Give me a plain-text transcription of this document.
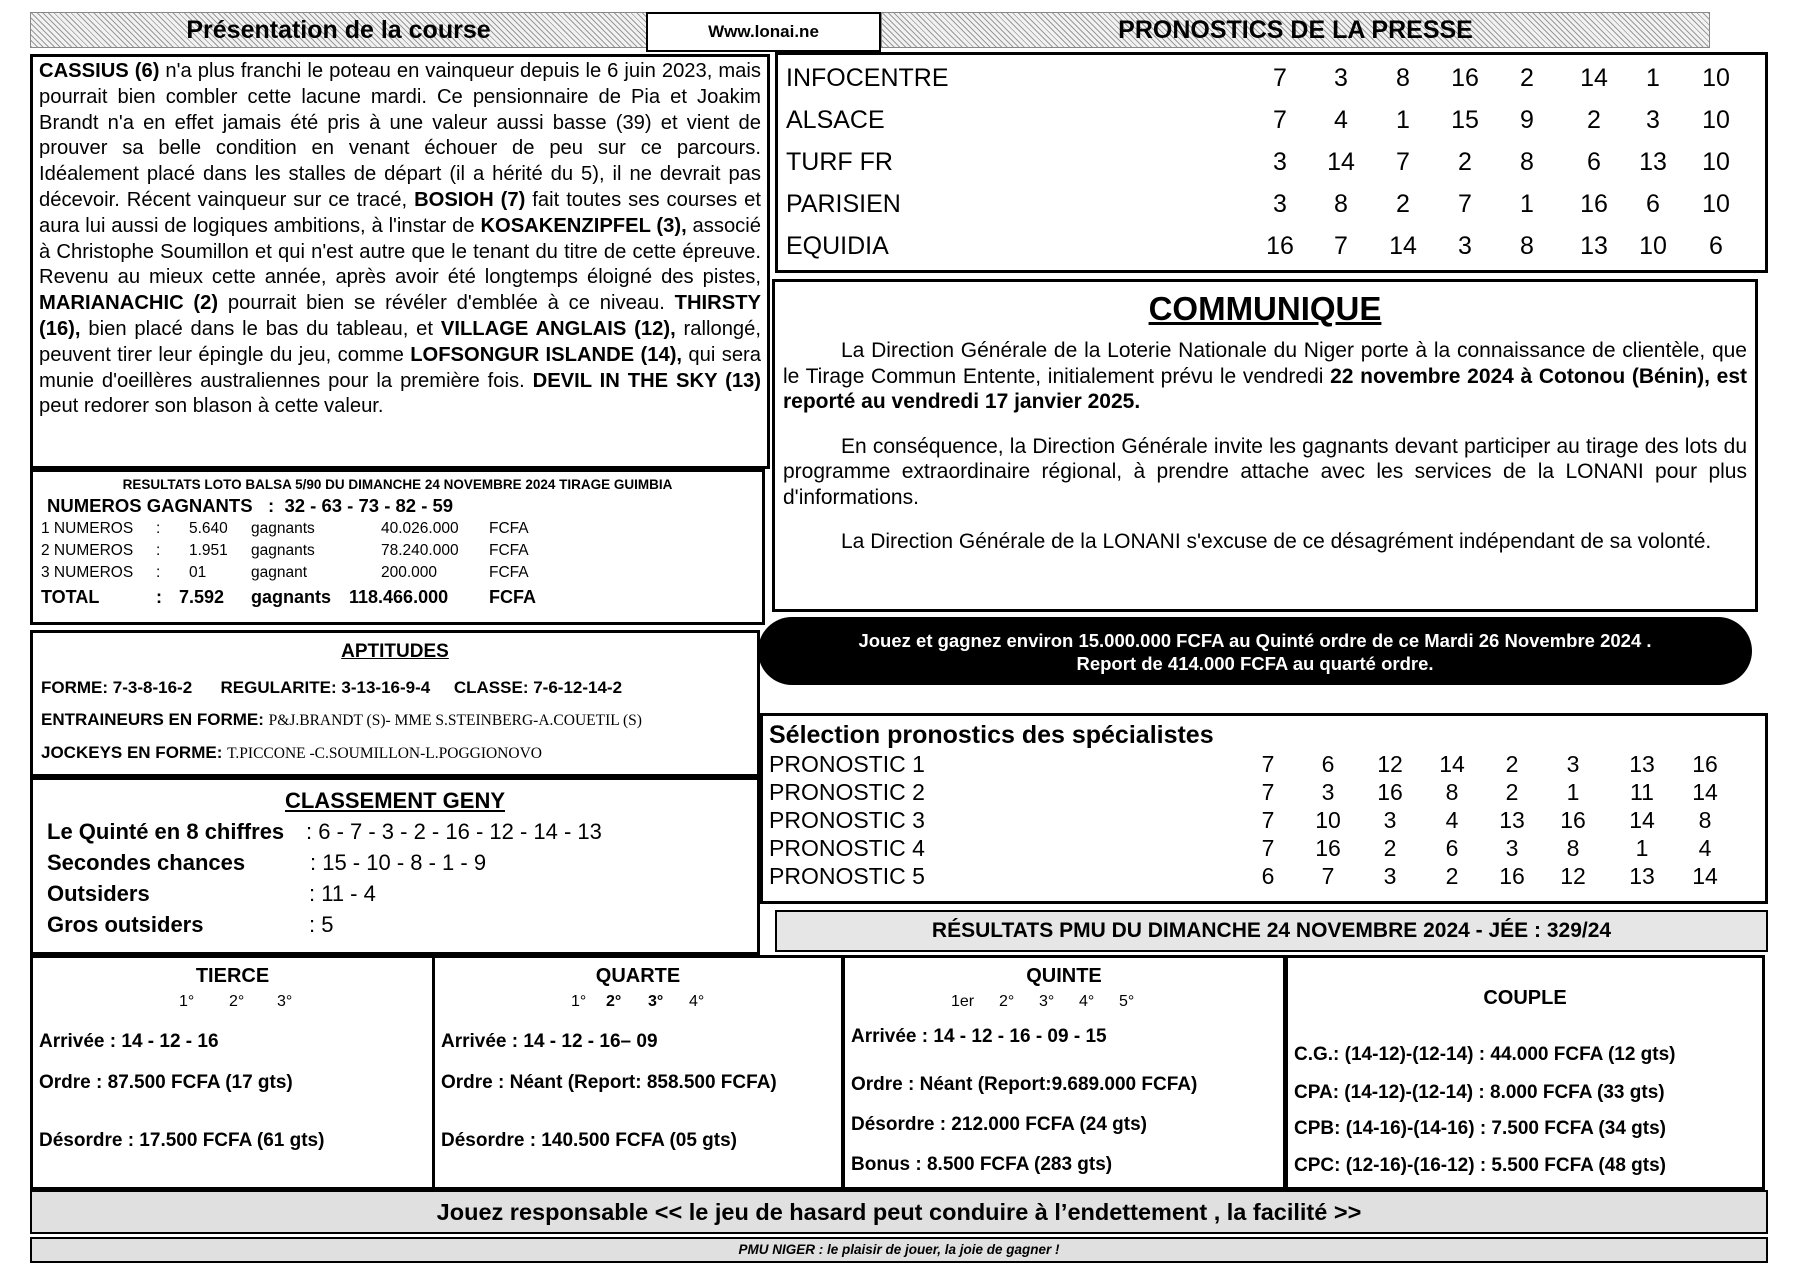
Présentation de la course	Www.lonai.ne	PRONOSTICS DE LA PRESSE
CASSIUS (6) n'a plus franchi le poteau en vainqueur depuis le 6 juin 2023, mais pourrait bien combler cette lacune mardi. Ce pensionnaire de Pia et Joakim Brandt n'a en effet jamais été pris à une valeur aussi basse (39) et vient de prouver sa belle condition en venant échouer de peu sur ce parcours. Idéalement placé dans les stalles de départ (il a hérité du 5), il ne devrait pas décevoir. Récent vainqueur sur ce tracé, BOSIOH (7) fait toutes ses courses et aura lui aussi de logiques ambitions, à l'instar de KOSAKENZIPFEL (3), associé à Christophe Soumillon et qui n'est autre que le tenant du titre de cette épreuve. Revenu au mieux cette année, après avoir été longtemps éloigné des pistes, MARIANACHIC (2) pourrait bien se révéler d'emblée à ce niveau. THIRSTY (16), bien placé dans le bas du tableau, et VILLAGE ANGLAIS (12), rallongé, peuvent tirer leur épingle du jeu, comme LOFSONGUR ISLANDE (14), qui sera munie d'oeillères australiennes pour la première fois. DEVIL IN THE SKY (13) peut redorer son blason à cette valeur.
INFOCENTRE	7	3	8	16	2	14	1	10
ALSACE	7	4	1	15	9	2	3	10
TURF FR	3	14	7	2	8	6	13	10
PARISIEN	3	8	2	7	1	16	6	10
EQUIDIA	16	7	14	3	8	13	10	6
RESULTATS LOTO BALSA 5/90 DU DIMANCHE 24 NOVEMBRE 2024 TIRAGE GUIMBIA
NUMEROS GAGNANTS : 32 - 63 - 73 - 82 - 59
1 NUMEROS : 5.640 gagnants	40.026.000 FCFA
2 NUMEROS : 1.951 gagnants	78.240.000 FCFA
3 NUMEROS : 01	gagnant	200.000	FCFA
TOTAL	: 7.592 gagnants 118.466.000 FCFA
COMMUNIQUE

La Direction Générale de la Loterie Nationale du Niger porte à la connaissance de clientèle, que le Tirage Commun Entente, initialement prévu le vendredi 22 novembre 2024 à Cotonou (Bénin), est reporté au vendredi 17 janvier 2025.

En conséquence, la Direction Générale invite les gagnants devant participer au tirage des lots du programme extraordinaire régional, à prendre attache avec les services de la LONANI pour plus d'informations.

La Direction Générale de la LONANI s'excuse de ce désagrément indépendant de sa volonté.

APTITUDES
FORME: 7-3-8-16-2 REGULARITE: 3-13-16-9-4 CLASSE: 7-6-12-14-2
ENTRAINEURS EN FORME: P&J.BRANDT (S)- MME S.STEINBERG-A.COUETIL (S)
JOCKEYS EN FORME: T.PICCONE -C.SOUMILLON-L.POGGIONOVO
CLASSEMENT GENY
Le Quinté en 8 chiffres : 6 - 7 - 3 - 2 - 16 - 12 - 14 - 13
Secondes chances	: 15 - 10 - 8 - 1 - 9
Outsiders	: 11 - 4
Gros outsiders	: 5
Jouez et gagnez environ 15.000.000 FCFA au Quinté ordre de ce Mardi 26 Novembre 2024 .
Report de 414.000 FCFA au quarté ordre.
Sélection pronostics des spécialistes
PRONOSTIC 1	7	6	12	14	2	3	13	16
PRONOSTIC 2	7	3	16	8	2	1	11	14
PRONOSTIC 3	7	10	3	4	13	16	14	8
PRONOSTIC 4	7	16	2	6	3	8	1	4
PRONOSTIC 5	6	7	3	2	16	12	13	14
RÉSULTATS PMU DU DIMANCHE 24 NOVEMBRE 2024 - JÉE : 329/24
TIERCE
1° 2° 3°
Arrivée : 14 - 12 - 16
Ordre : 87.500 FCFA (17 gts)
Désordre : 17.500 FCFA (61 gts)
QUARTE
1° 2° 3° 4°
Arrivée : 14 - 12 - 16– 09
Ordre : Néant (Report: 858.500 FCFA)
Désordre : 140.500 FCFA (05 gts)
QUINTE
1er 2° 3° 4° 5°
Arrivée : 14 - 12 - 16 - 09 - 15
Ordre : Néant (Report:9.689.000 FCFA)
Désordre : 212.000 FCFA (24 gts)
Bonus : 8.500 FCFA (283 gts)
COUPLE
C.G.: (14-12)-(12-14) : 44.000 FCFA (12 gts)
CPA: (14-12)-(12-14) : 8.000 FCFA (33 gts)
CPB: (14-16)-(14-16) : 7.500 FCFA (34 gts)
CPC: (12-16)-(16-12) : 5.500 FCFA (48 gts)
Jouez responsable << le jeu de hasard peut conduire à l’endettement , la facilité >>
PMU NIGER : le plaisir de jouer, la joie de gagner !
